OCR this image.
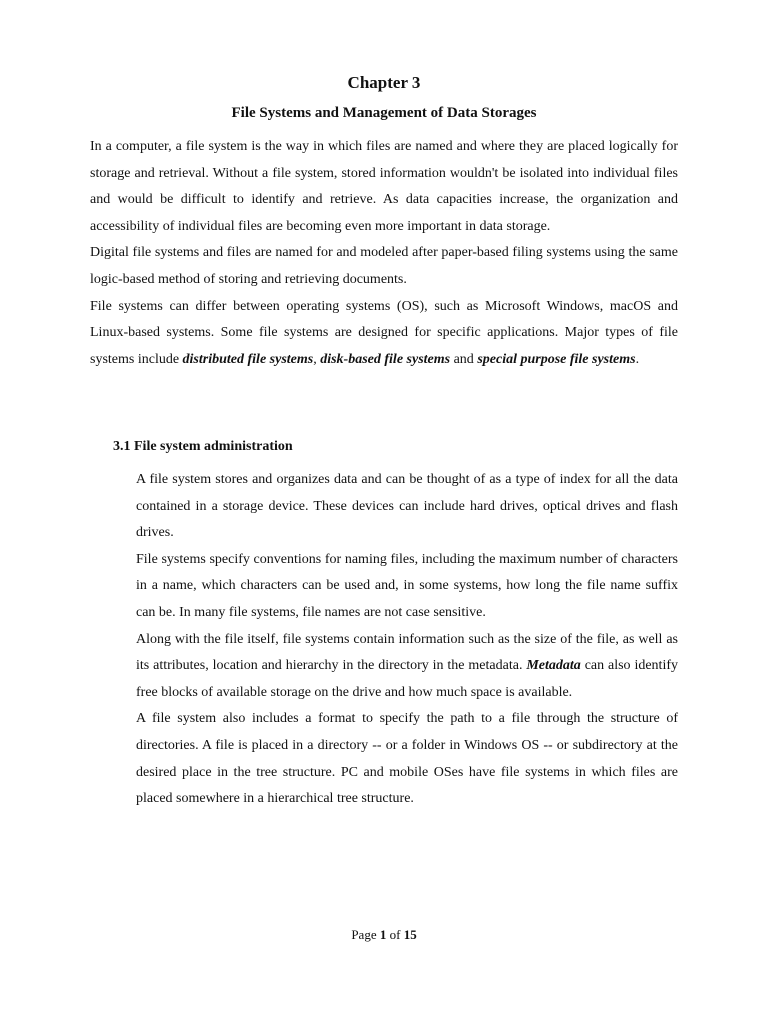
Chapter 3
File Systems and Management of Data Storages

In a computer, a file system is the way in which files are named and where they are placed logically for storage and retrieval. Without a file system, stored information wouldn't be isolated into individual files and would be difficult to identify and retrieve. As data capacities increase, the organization and accessibility of individual files are becoming even more important in data storage.

Digital file systems and files are named for and modeled after paper-based filing systems using the same logic-based method of storing and retrieving documents.

File systems can differ between operating systems (OS), such as Microsoft Windows, macOS and Linux-based systems. Some file systems are designed for specific applications. Major types of file systems include distributed file systems, disk-based file systems and special purpose file systems.

3.1 File system administration

A file system stores and organizes data and can be thought of as a type of index for all the data contained in a storage device. These devices can include hard drives, optical drives and flash drives.

File systems specify conventions for naming files, including the maximum number of characters in a name, which characters can be used and, in some systems, how long the file name suffix can be. In many file systems, file names are not case sensitive.

Along with the file itself, file systems contain information such as the size of the file, as well as its attributes, location and hierarchy in the directory in the metadata. Metadata can also identify free blocks of available storage on the drive and how much space is available.

A file system also includes a format to specify the path to a file through the structure of directories. A file is placed in a directory -- or a folder in Windows OS -- or subdirectory at the desired place in the tree structure. PC and mobile OSes have file systems in which files are placed somewhere in a hierarchical tree structure.

Page 1 of 15
